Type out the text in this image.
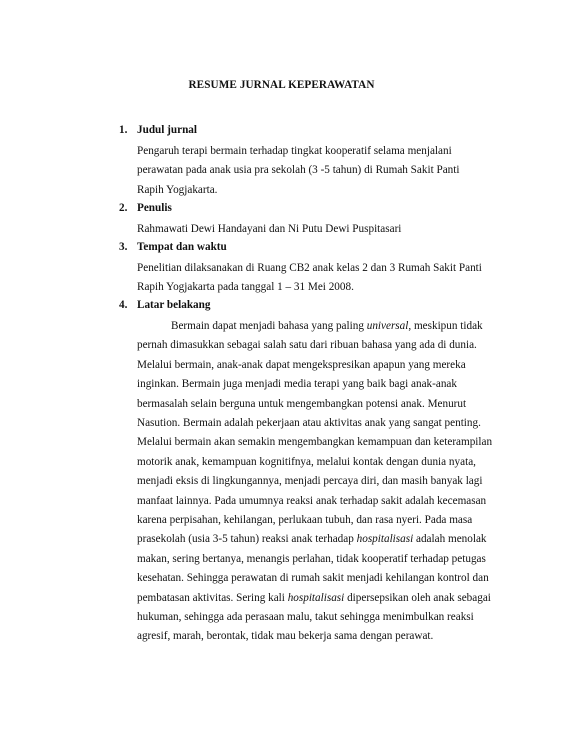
RESUME JURNAL KEPERAWATAN
1. Judul jurnal
Pengaruh terapi bermain terhadap tingkat kooperatif selama menjalani
perawatan pada anak usia pra sekolah (3 -5 tahun) di Rumah Sakit Panti
Rapih Yogjakarta.
2. Penulis
Rahmawati Dewi Handayani dan Ni Putu Dewi Puspitasari
3. Tempat dan waktu
Penelitian dilaksanakan di Ruang CB2 anak kelas 2 dan 3 Rumah Sakit Panti
Rapih Yogjakarta pada tanggal 1 – 31 Mei 2008.
4. Latar belakang
Bermain dapat menjadi bahasa yang paling universal, meskipun tidak
pernah dimasukkan sebagai salah satu dari ribuan bahasa yang ada di dunia.
Melalui bermain, anak-anak dapat mengekspresikan apapun yang mereka
inginkan. Bermain juga menjadi media terapi yang baik bagi anak-anak
bermasalah selain berguna untuk mengembangkan potensi anak. Menurut
Nasution. Bermain adalah pekerjaan atau aktivitas anak yang sangat penting.
Melalui bermain akan semakin mengembangkan kemampuan dan keterampilan
motorik anak, kemampuan kognitifnya, melalui kontak dengan dunia nyata,
menjadi eksis di lingkungannya, menjadi percaya diri, dan masih banyak lagi
manfaat lainnya. Pada umumnya reaksi anak terhadap sakit adalah kecemasan
karena perpisahan, kehilangan, perlukaan tubuh, dan rasa nyeri. Pada masa
prasekolah (usia 3-5 tahun) reaksi anak terhadap hospitalisasi adalah menolak
makan, sering bertanya, menangis perlahan, tidak kooperatif terhadap petugas
kesehatan. Sehingga perawatan di rumah sakit menjadi kehilangan kontrol dan
pembatasan aktivitas. Sering kali hospitalisasi dipersepsikan oleh anak sebagai
hukuman, sehingga ada perasaan malu, takut sehingga menimbulkan reaksi
agresif, marah, berontak, tidak mau bekerja sama dengan perawat.
